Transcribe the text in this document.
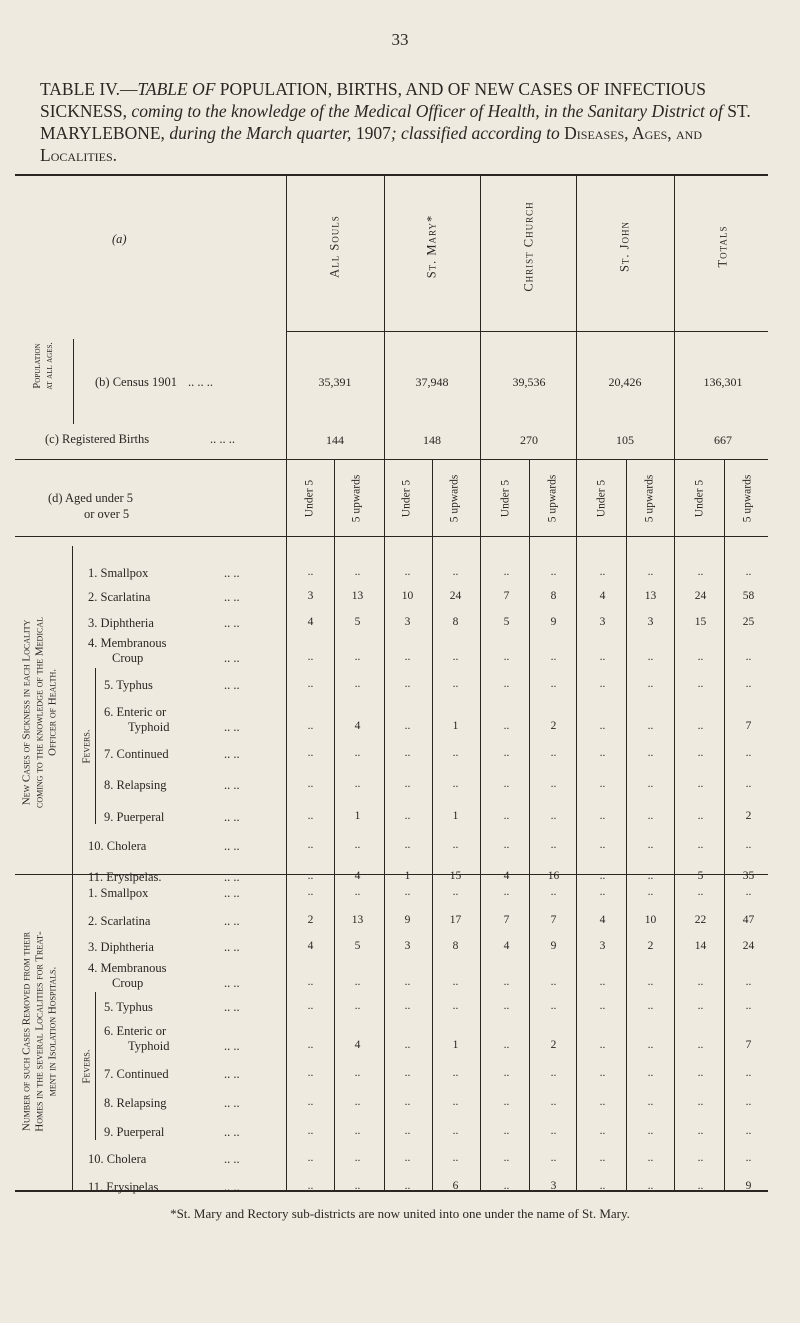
33
TABLE IV.—TABLE OF POPULATION, BIRTHS, AND OF NEW CASES OF INFECTIOUS SICKNESS, coming to the knowledge of the Medical Officer of Health, in the Sanitary District of ST. MARYLEBONE, during the March quarter, 1907; classified according to Diseases, Ages, and Localities.
(a)	All Souls	St. Mary*	Christ Church	St. John	Totals
Population at all ages.	(b) Census 1901 .. .. ..	35,391	37,948	39,536	20,426	136,301
(c) Registered Births	.. .. ..	144	148	270	105	667
(d) Aged under 5
or over 5	Under 5	5 upwards	Under 5	5 upwards	Under 5	5 upwards	Under 5	5 upwards	Under 5	5 upwards
New Cases of Sickness in each Locality coming to the knowledge of the Medical Officer of Health. Fevers.
1. Smallpox	.. ..	..	..	..	..	..	..	..	..	..	..
2. Scarlatina	.. ..	3	13	10	24	7	8	4	13	24	58
3. Diphtheria	.. ..	4	5	3	8	5	9	3	3	15	25
4. Membranous
Croup	.. ..	..	..	..	..	..	..	..	..	..	..
5. Typhus	.. ..	..	..	..	..	..	..	..	..	..	..
6. Enteric or
Typhoid	.. ..	..	4	..	1	..	2	..	..	..	7
7. Continued	.. ..	..	..	..	..	..	..	..	..	..	..
8. Relapsing	.. ..	..	..	..	..	..	..	..	..	..	..
9. Puerperal	.. ..	..	1	..	1	..	..	..	..	..	2
10. Cholera	.. ..	..	..	..	..	..	..	..	..	..	..
11. Erysipelas.	.. ..	..	4	1	15	4	16	..	..	5	35
Number of such Cases Removed from their Homes in the several Localities for Treat- ment in Isolation Hospitals. Fevers.
1. Smallpox	.. ..	..	..	..	..	..	..	..	..	..	..
2. Scarlatina	.. ..	2	13	9	17	7	7	4	10	22	47
3. Diphtheria	.. ..	4	5	3	8	4	9	3	2	14	24
4. Membranous
Croup	.. ..	..	..	..	..	..	..	..	..	..	..
5. Typhus	.. ..	..	..	..	..	..	..	..	..	..	..
6. Enteric or
Typhoid	.. ..	..	4	..	1	..	2	..	..	..	7
7. Continued	.. ..	..	..	..	..	..	..	..	..	..	..
8. Relapsing	.. ..	..	..	..	..	..	..	..	..	..	..
9. Puerperal	.. ..	..	..	..	..	..	..	..	..	..	..
10. Cholera	.. ..	..	..	..	..	..	..	..	..	..	..
11. Erysipelas	.. ..	..	..	..	6	..	3	..	..	..	9
*St. Mary and Rectory sub-districts are now united into one under the name of St. Mary.
